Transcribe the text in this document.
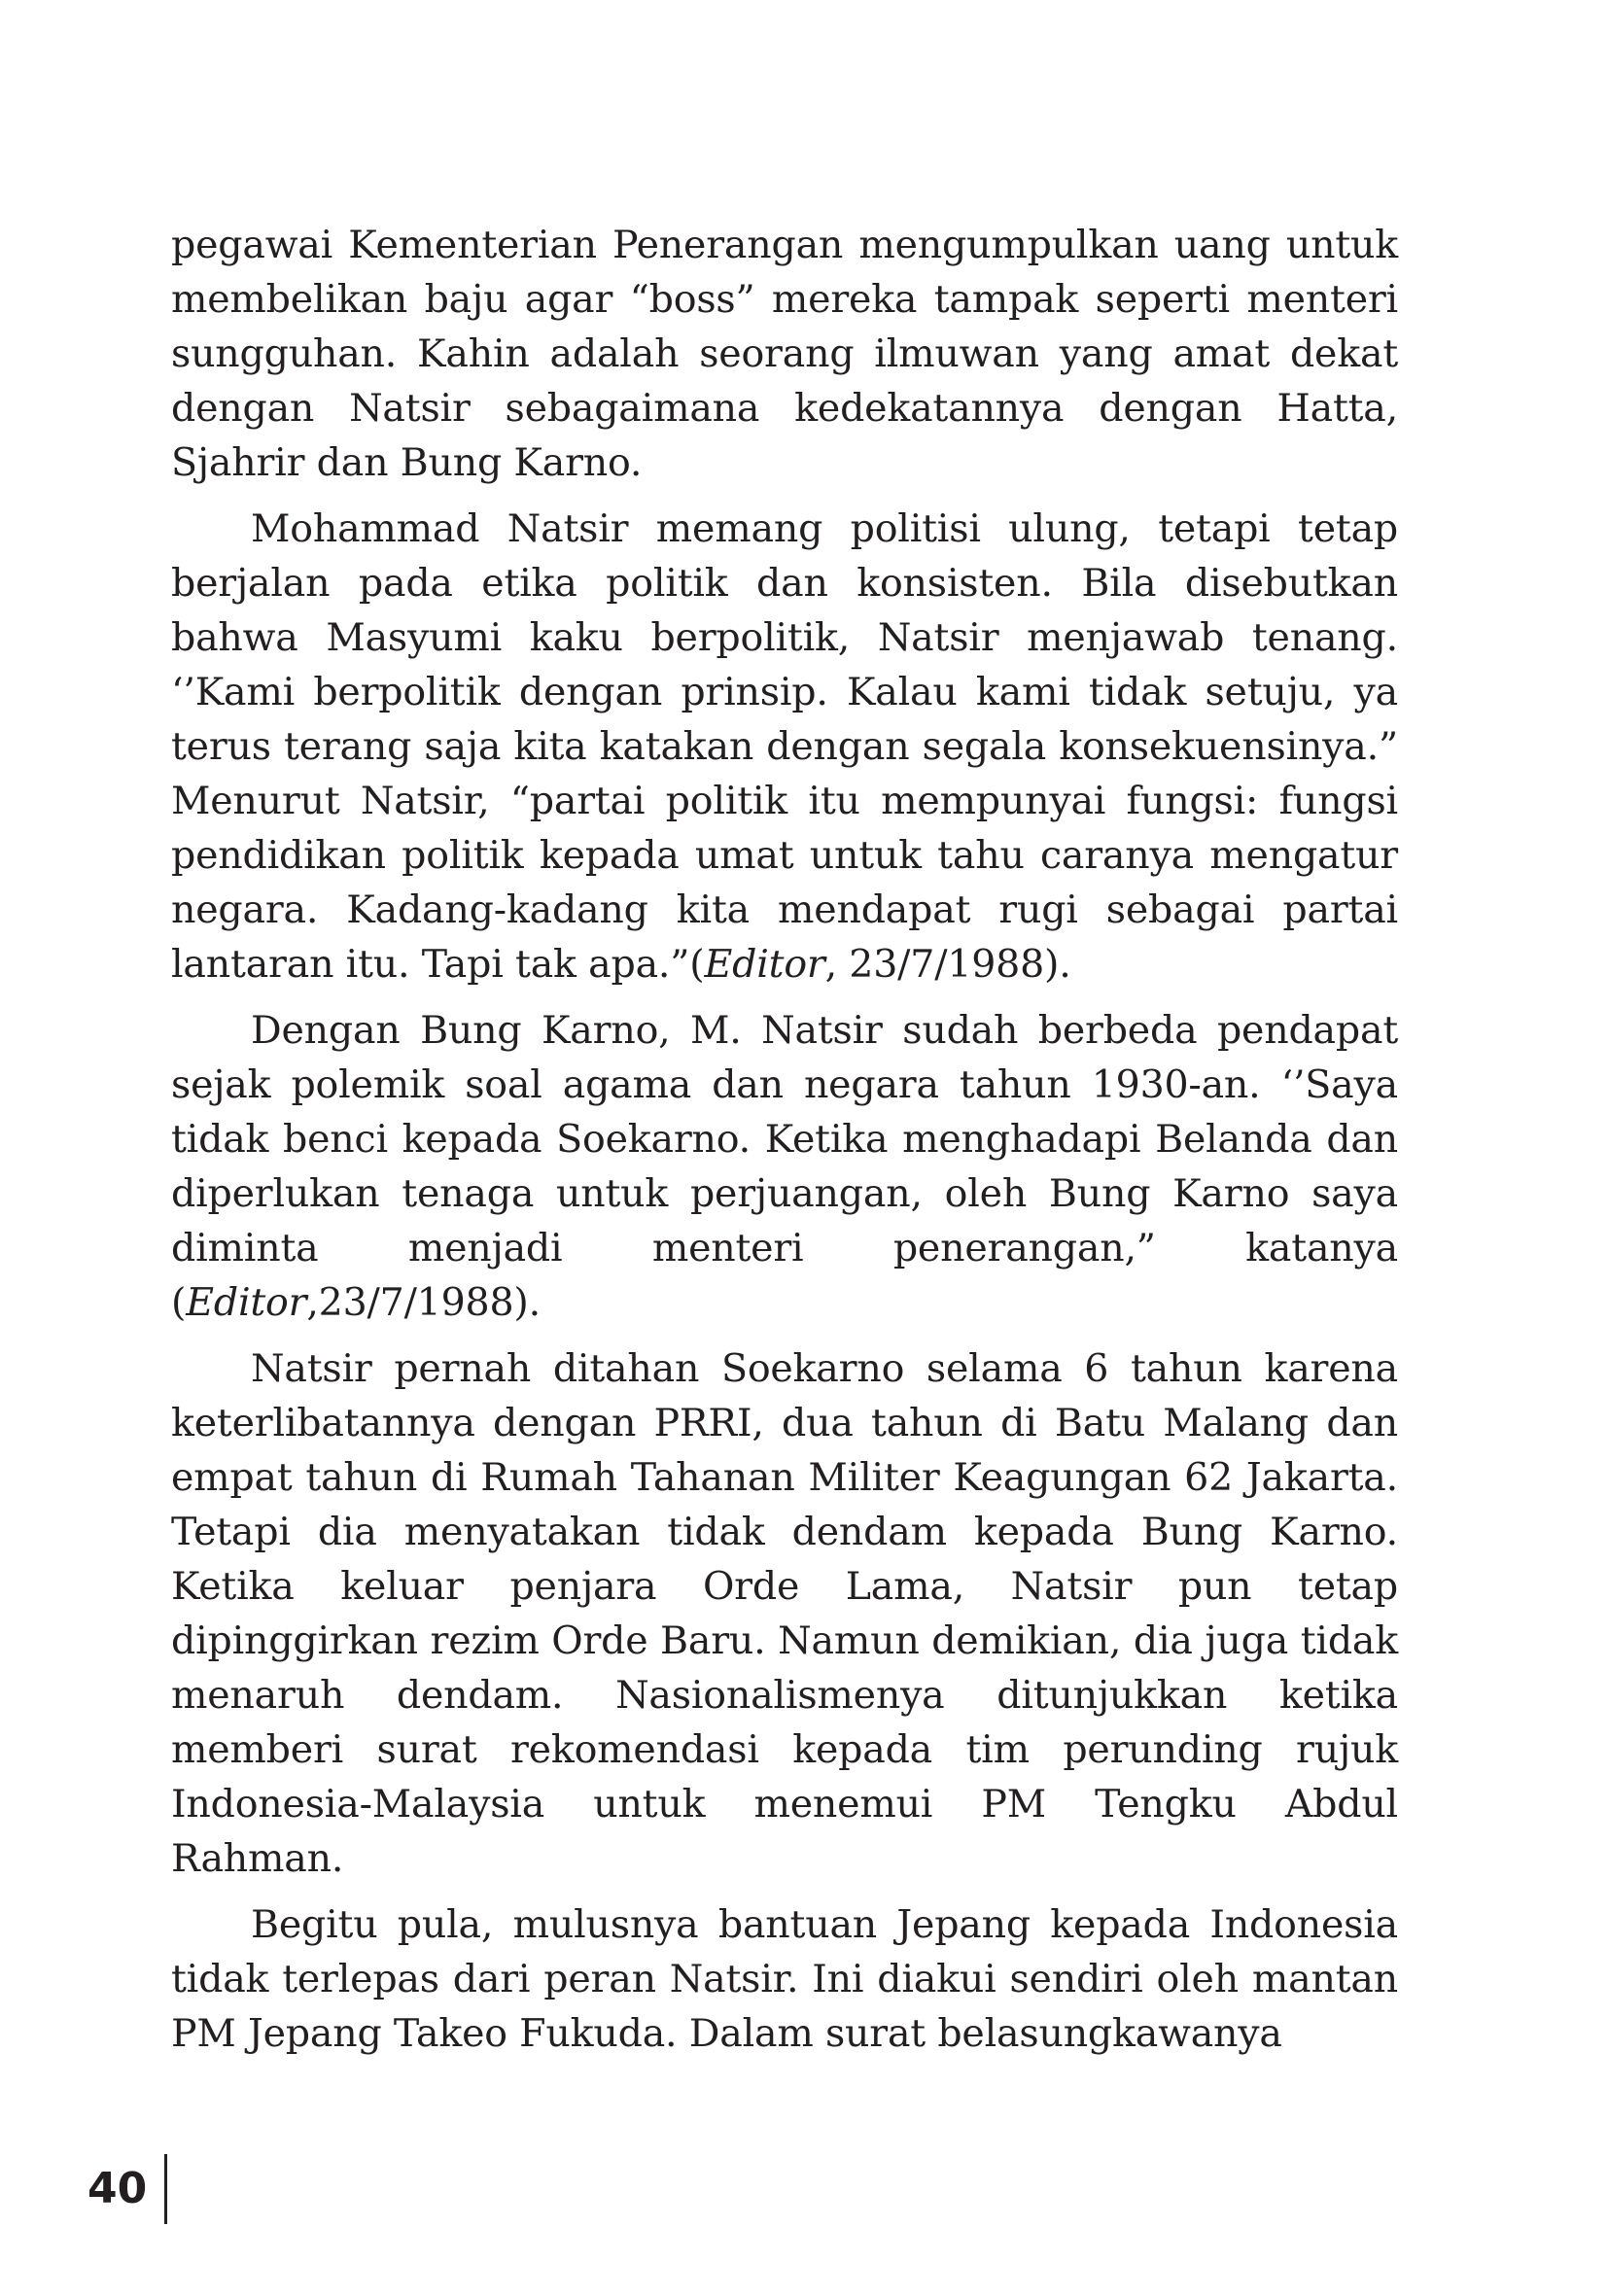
pegawai Kementerian Penerangan mengumpulkan uang untuk membelikan baju agar “boss” mereka tampak seperti menteri sungguhan. Kahin adalah seorang ilmuwan yang amat dekat dengan Natsir sebagaimana kedekatannya dengan Hatta, Sjahrir dan Bung Karno.

Mohammad Natsir memang politisi ulung, tetapi tetap berjalan pada etika politik dan konsisten. Bila disebutkan bahwa Masyumi kaku berpolitik, Natsir menjawab tenang. ‘’Kami berpolitik dengan prinsip. Kalau kami tidak setuju, ya terus terang saja kita katakan dengan segala konsekuensinya.” Menurut Natsir, “partai politik itu mempunyai fungsi: fungsi pendidikan politik kepada umat untuk tahu caranya mengatur negara. Kadang-kadang kita mendapat rugi sebagai partai lantaran itu. Tapi tak apa.”(Editor, 23/7/1988).

Dengan Bung Karno, M. Natsir sudah berbeda pendapat sejak polemik soal agama dan negara tahun 1930-an. ‘’Saya tidak benci kepada Soekarno. Ketika menghadapi Belanda dan diperlukan tenaga untuk perjuangan, oleh Bung Karno saya diminta menjadi menteri penerangan,” katanya (Editor,23/7/1988).

Natsir pernah ditahan Soekarno selama 6 tahun karena keterlibatannya dengan PRRI, dua tahun di Batu Malang dan empat tahun di Rumah Tahanan Militer Keagungan 62 Jakarta. Tetapi dia menyatakan tidak dendam kepada Bung Karno. Ketika keluar penjara Orde Lama, Natsir pun tetap dipinggirkan rezim Orde Baru. Namun demikian, dia juga tidak menaruh dendam. Nasionalismenya ditunjukkan ketika memberi surat rekomendasi kepada tim perunding rujuk Indonesia-Malaysia untuk menemui PM Tengku Abdul Rahman.

Begitu pula, mulusnya bantuan Jepang kepada Indonesia tidak terlepas dari peran Natsir. Ini diakui sendiri oleh mantan PM Jepang Takeo Fukuda. Dalam surat belasungkawanya

40
